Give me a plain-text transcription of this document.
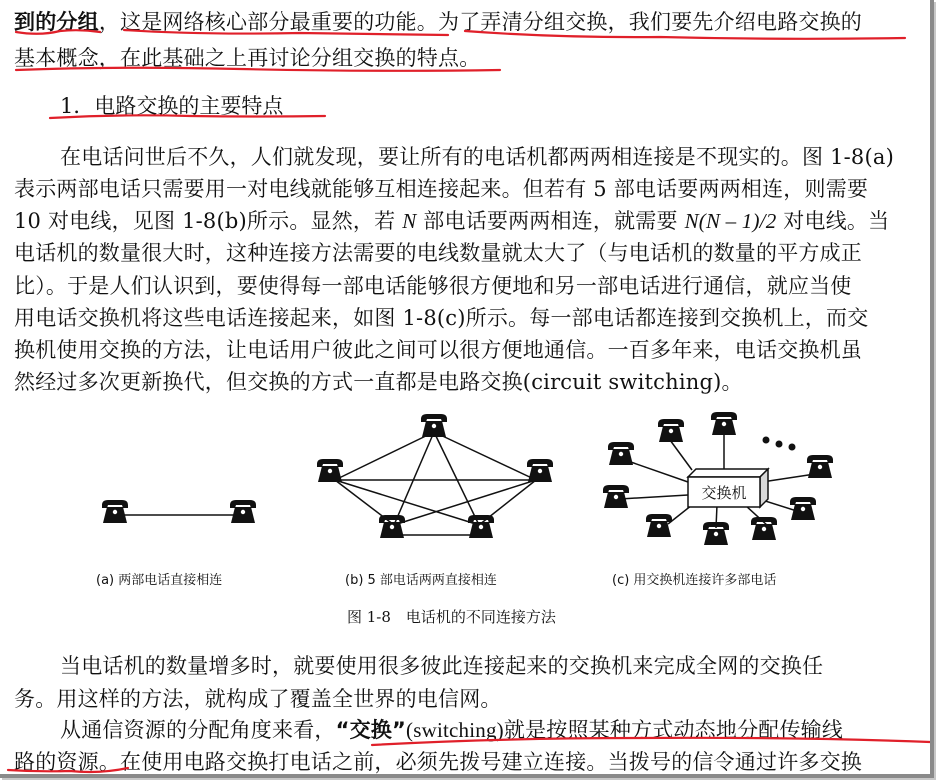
到的分组，这是网络核心部分最重要的功能。为了弄清分组交换，我们要先介绍电路交换的
基本概念，在此基础之上再讨论分组交换的特点。
1．电路交换的主要特点
在电话问世后不久，人们就发现，要让所有的电话机都两两相连接是不现实的。图 1-8(a)
表示两部电话只需要用一对电线就能够互相连接起来。但若有 5 部电话要两两相连，则需要
10 对电线，见图 1-8(b)所示。显然，若 N 部电话要两两相连，就需要 N(N – 1)/2 对电线。当
电话机的数量很大时，这种连接方法需要的电线数量就太大了（与电话机的数量的平方成正
比）。于是人们认识到，要使得每一部电话能够很方便地和另一部电话进行通信，就应当使
用电话交换机将这些电话连接起来，如图 1-8(c)所示。每一部电话都连接到交换机上，而交
换机使用交换的方法，让电话用户彼此之间可以很方便地通信。一百多年来，电话交换机虽
然经过多次更新换代，但交换的方式一直都是电路交换(circuit switching)。
交换机
(a) 两部电话直接相连	(b) 5 部电话两两直接相连	(c) 用交换机连接许多部电话
图 1-8　电话机的不同连接方法
当电话机的数量增多时，就要使用很多彼此连接起来的交换机来完成全网的交换任
务。用这样的方法，就构成了覆盖全世界的电信网。
从通信资源的分配角度来看，“交换”(switching)就是按照某种方式动态地分配传输线
路的资源。在使用电路交换打电话之前，必须先拨号建立连接。当拨号的信令通过许多交换
